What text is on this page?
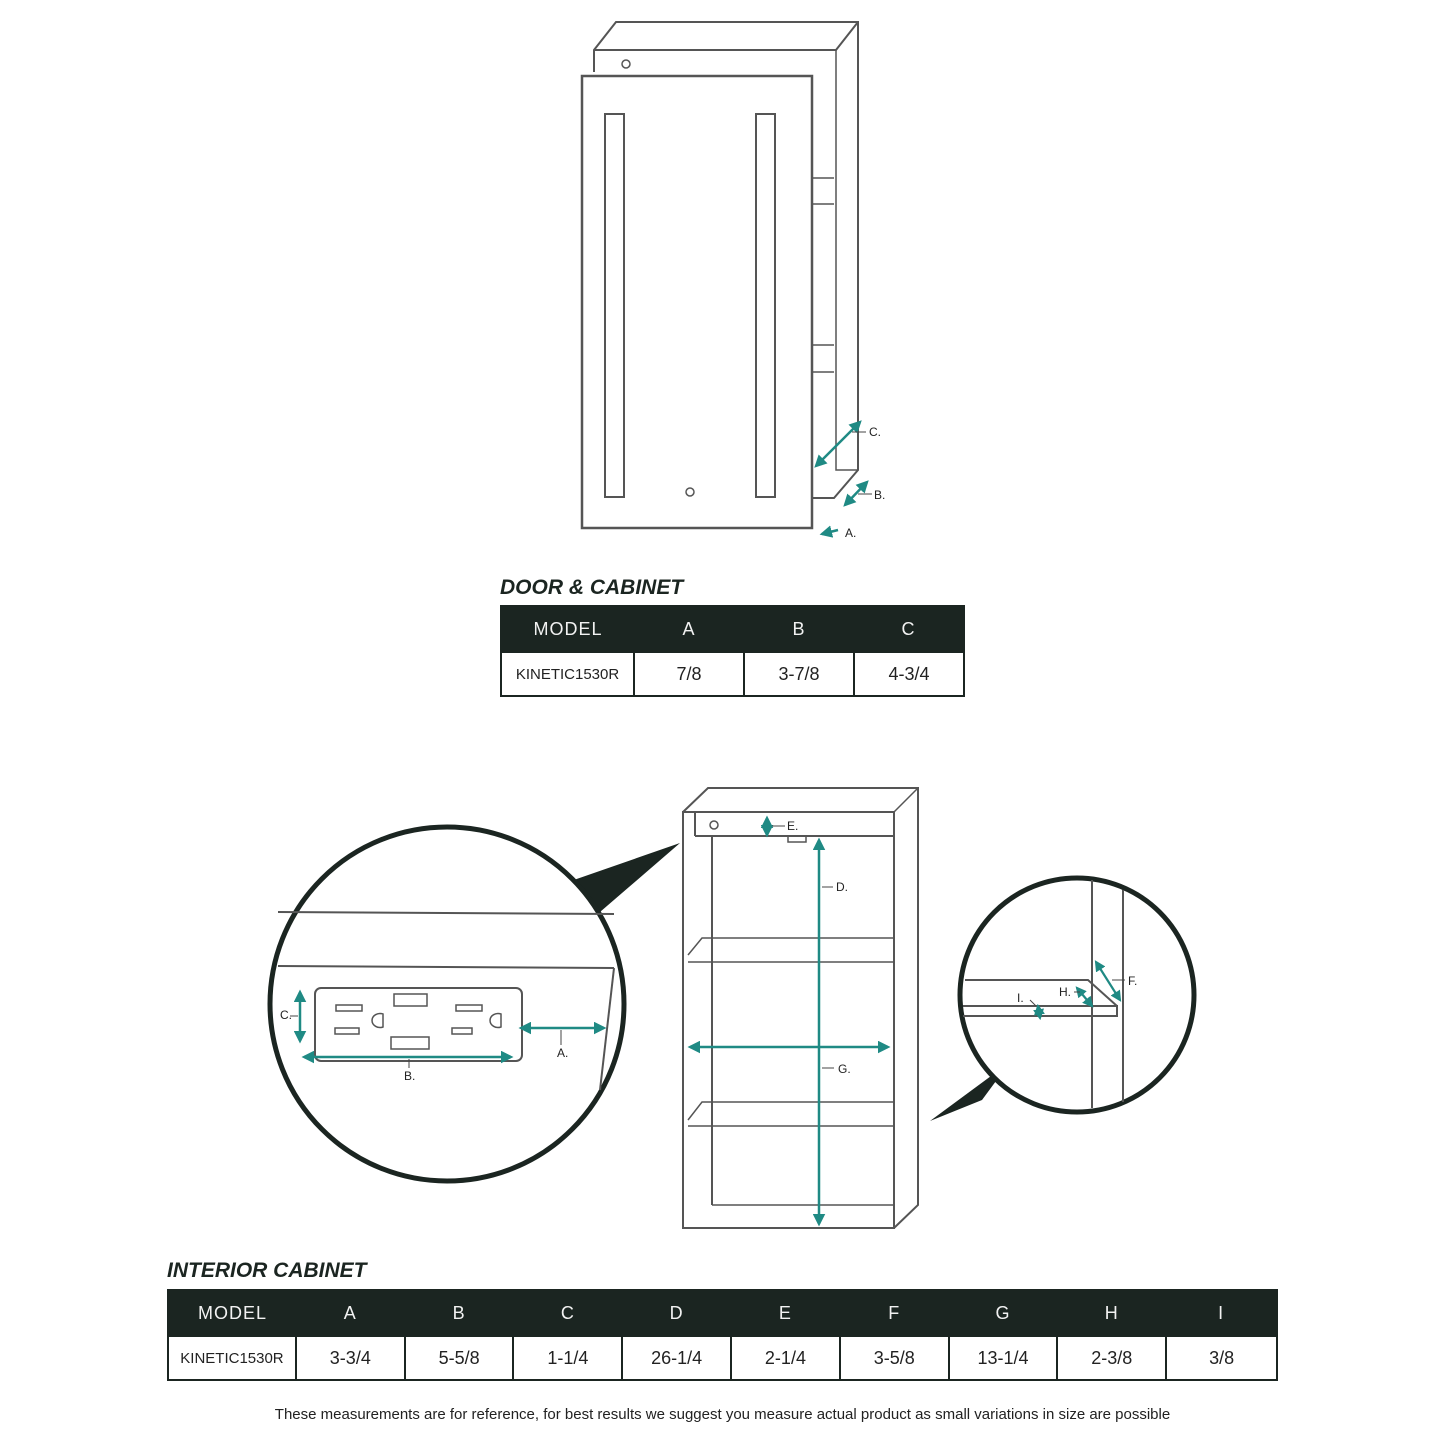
C.
B.
A.
E.
D.
G.
C.
B.
A.
F.
H.
I.
DOOR & CABINET
MODEL	A	B	C
KINETIC1530R	7/8	3-7/8	4-3/4
INTERIOR CABINET
MODEL	A	B	C	D	E	F	G	H	I
KINETIC1530R	3-3/4	5-5/8	1-1/4	26-1/4	2-1/4	3-5/8	13-1/4	2-3/8	3/8

These measurements are for reference, for best results we suggest you measure actual product as small variations in size are possible
